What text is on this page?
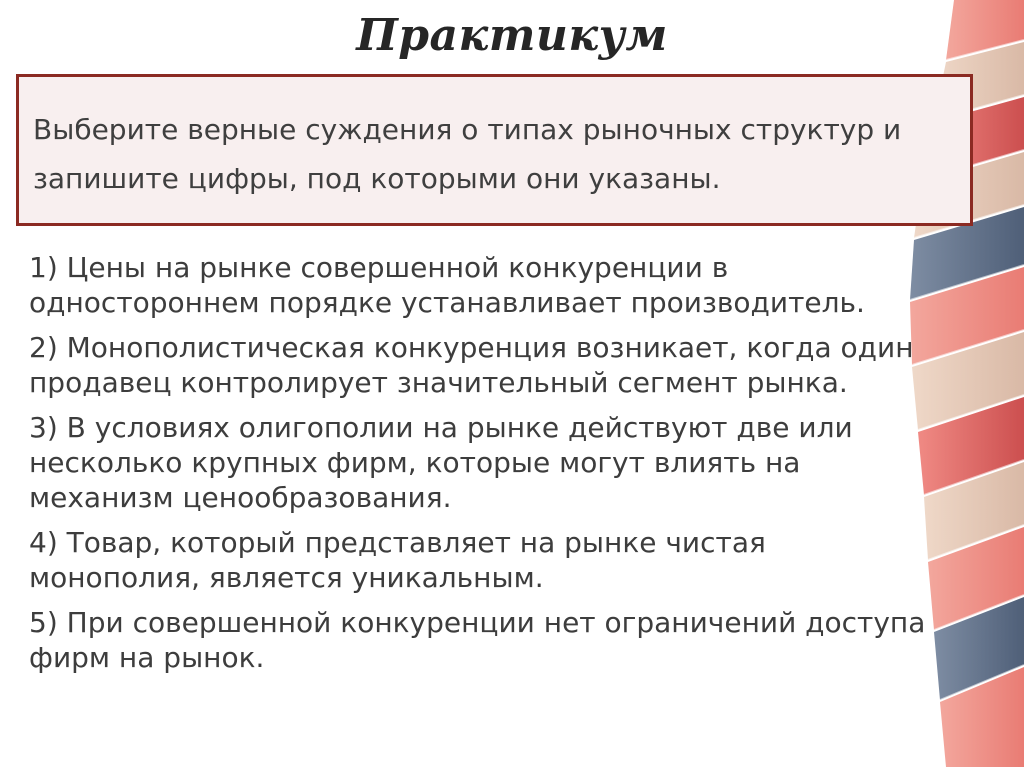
Практикум

Выберите верные суждения о типах рыночных структур и запишите цифры, под которыми они указаны.

1) Цены на рынке совершенной конкуренции в одностороннем порядке устанавливает производитель.
2) Монополистическая конкуренция возникает, когда один продавец контролирует значительный сегмент рынка.
3) В условиях олигополии на рынке действуют две или несколько крупных фирм, которые могут влиять на механизм ценообразования.
4) Товар, который представляет на рынке чистая монополия, является уникальным.
5) При совершенной конкуренции нет ограничений доступа фирм на рынок.
